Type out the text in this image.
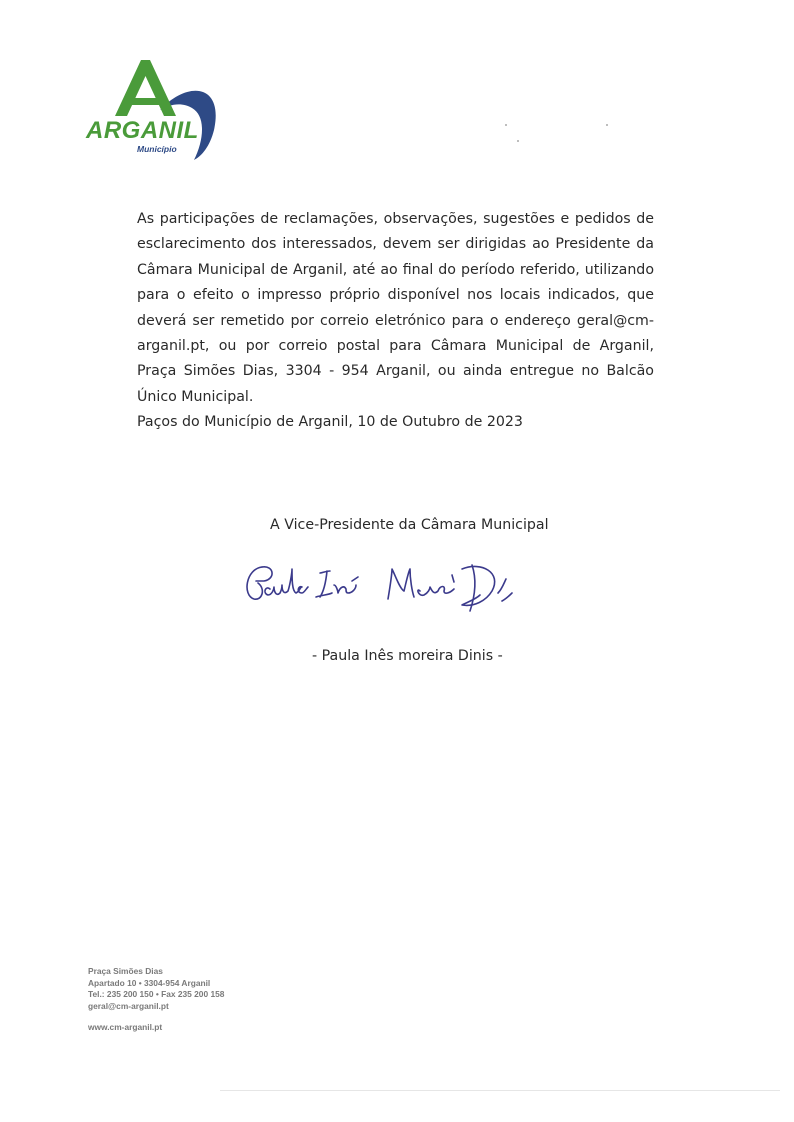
ARGANIL
Município

As participações de reclamações, observações, sugestões e pedidos de esclarecimento dos interessados, devem ser dirigidas ao Presidente da Câmara Municipal de Arganil, até ao final do período referido, utilizando para o efeito o impresso próprio disponível nos locais indicados, que deverá ser remetido por correio eletrónico para o endereço geral@cm-arganil.pt, ou por correio postal para Câmara Municipal de Arganil, Praça Simões Dias, 3304 - 954 Arganil, ou ainda entregue no Balcão Único Municipal.

Paços do Município de Arganil, 10 de Outubro de 2023

A Vice-Presidente da Câmara Municipal

- Paula Inês moreira Dinis -

Praça Simões Dias
Apartado 10 • 3304-954 Arganil
Tel.: 235 200 150 • Fax 235 200 158
geral@cm-arganil.pt
www.cm-arganil.pt
